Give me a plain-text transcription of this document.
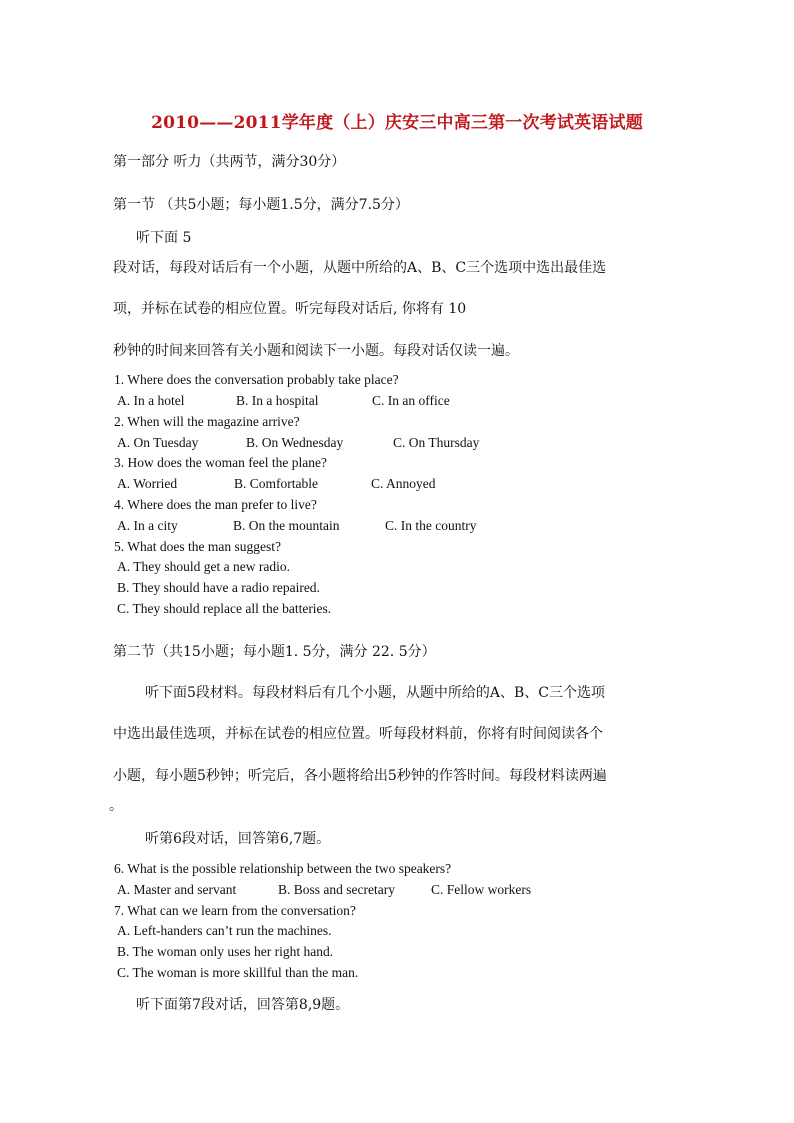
2010——2011学年度（上）庆安三中高三第一次考试英语试题
第一部分 听力（共两节，满分30分）
第一节 （共5小题；每小题1.5分，满分7.5分）
听下面 5
段对话，每段对话后有一个小题，从题中所给的A、B、C三个选项中选出最佳选
项，并标在试卷的相应位置。听完每段对话后, 你将有 10
秒钟的时间来回答有关小题和阅读下一小题。每段对话仅读一遍。
1. Where does the conversation probably take place?
A. In a hotel	B. In a hospital	C. In an office
2. When will the magazine arrive?
A. On Tuesday	B. On Wednesday	C. On Thursday
3. How does the woman feel the plane?
A. Worried	B. Comfortable	C. Annoyed
4. Where does the man prefer to live?
A. In a city	B. On the mountain	C. In the country
5. What does the man suggest?
A. They should get a new radio.
B. They should have a radio repaired.
C. They should replace all the batteries.
第二节（共15小题；每小题1. 5分，满分 22. 5分）
听下面5段材料。每段材料后有几个小题，从题中所给的A、B、C三个选项
中选出最佳选项，并标在试卷的相应位置。听每段材料前，你将有时间阅读各个
小题，每小题5秒钟；听完后，各小题将给出5秒钟的作答时间。每段材料读两遍
。
听第6段对话，回答第6,7题。
6. What is the possible relationship between the two speakers?
A. Master and servant	B. Boss and secretary	C. Fellow workers
7. What can we learn from the conversation?
A. Left-handers can’t run the machines.
B. The woman only uses her right hand.
C. The woman is more skillful than the man.
听下面第7段对话，回答第8,9题。
